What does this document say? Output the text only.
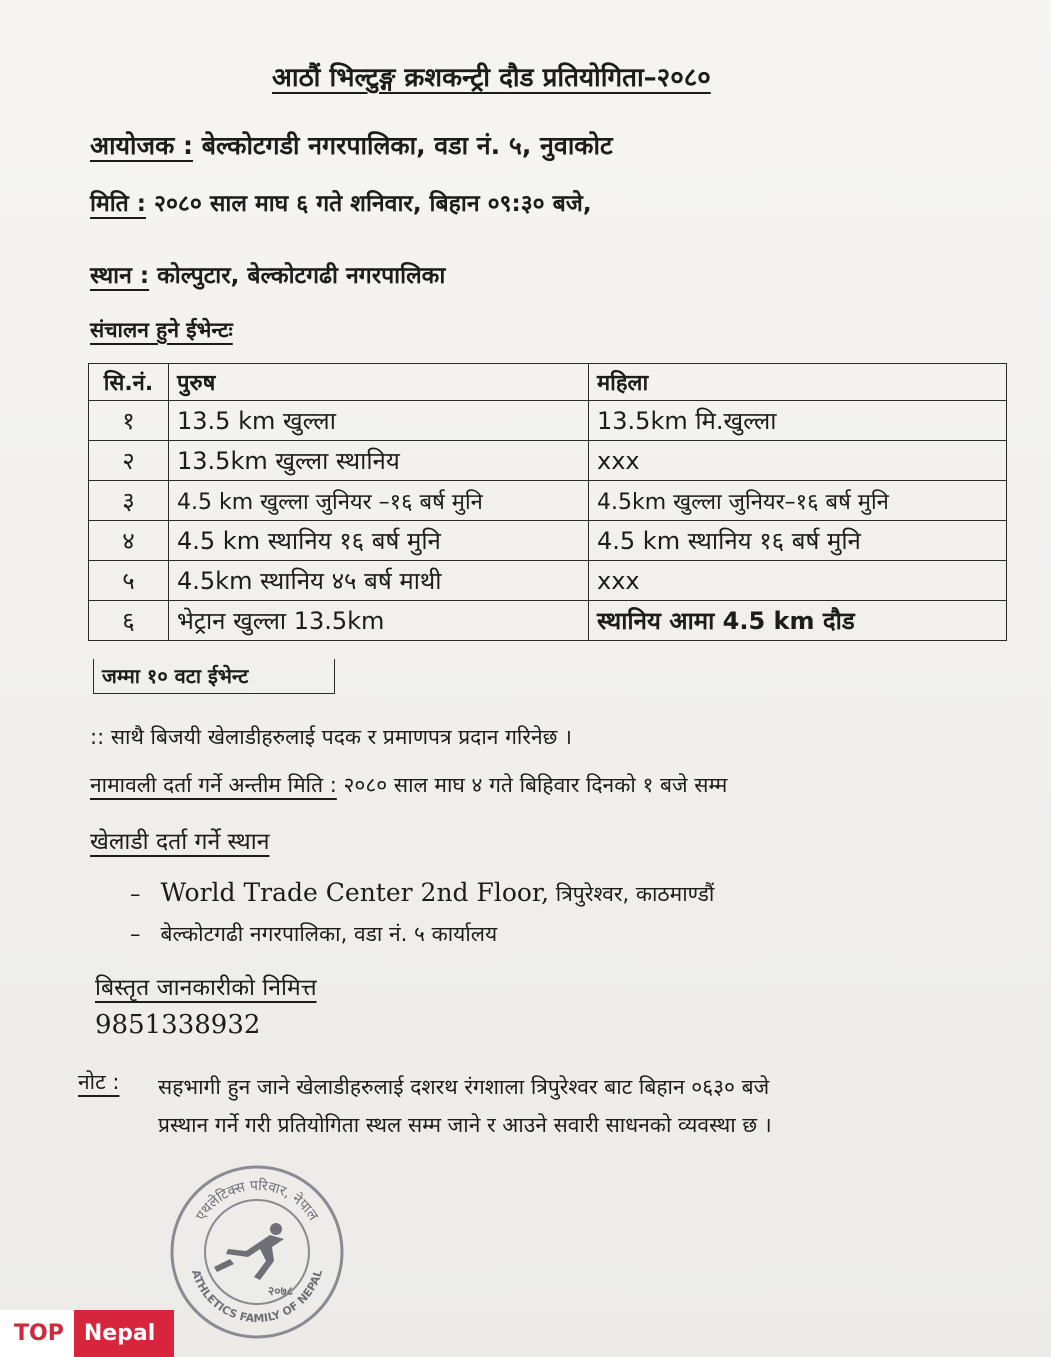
आठौं भिल्टुङ्ग क्रशकन्ट्री दौड प्रतियोगिता–२०८०
आयोजक : बेल्कोटगडी नगरपालिका, वडा नं. ५, नुवाकोट
मिति : २०८० साल माघ ६ गते शनिवार, बिहान ०९:३० बजे,
स्थान : कोल्पुटार, बेल्कोटगढी नगरपालिका
संचालन हुने ईभेन्टः
सि.नं.	पुरुष	महिला
१	13.5 km खुल्ला	13.5km मि.खुल्ला
२	13.5km खुल्ला स्थानिय	xxx
३	4.5 km खुल्ला जुनियर –१६ बर्ष मुनि	4.5km खुल्ला जुनियर–१६ बर्ष मुनि
४	4.5 km स्थानिय १६ बर्ष मुनि	4.5 km स्थानिय १६ बर्ष मुनि
५	4.5km स्थानिय ४५ बर्ष माथी	xxx
६	भेट्रान खुल्ला 13.5km	स्थानिय आमा 4.5 km दौड
जम्मा १० वटा ईभेन्ट
:: साथै बिजयी खेलाडीहरुलाई पदक र प्रमाणपत्र प्रदान गरिनेछ ।
नामावली दर्ता गर्ने अन्तीम मिति : २०८० साल माघ ४ गते बिहिवार दिनको १ बजे सम्म
खेलाडी दर्ता गर्ने स्थान
–   World Trade Center 2nd Floor, त्रिपुरेश्वर, काठमाण्डौं
–   बेल्कोटगढी नगरपालिका, वडा नं. ५ कार्यालय
बिस्तृत जानकारीको निमित्त
9851338932
नोट : सहभागी हुन जाने खेलाडीहरुलाई दशरथ रंगशाला त्रिपुरेश्वर बाट बिहान ०६३० बजे
प्रस्थान गर्ने गरी प्रतियोगिता स्थल सम्म जाने र आउने सवारी साधनको व्यवस्था छ ।
एथलेटिक्स परिवार, नेपाल
ATHLETICS FAMILY OF NEPAL
२०७८
TOP Nepal
